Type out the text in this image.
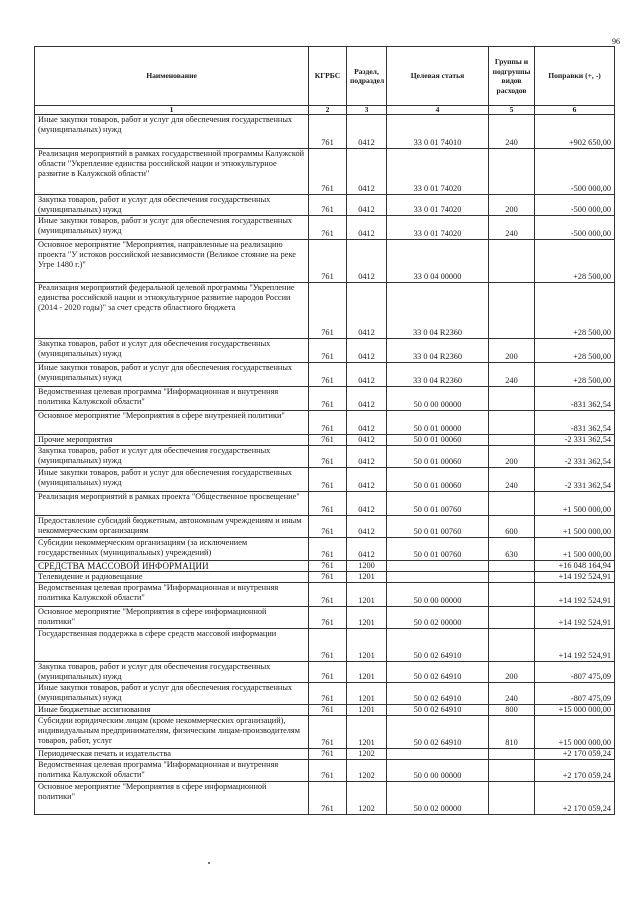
96
Наименование	КГРБС	Раздел, подраздел	Целевая статья	Группы и подгруппы видов расходов	Поправки (+, -)
1	2	3	4	5	6
Иные закупки товаров, работ и услуг для обеспечения государственных (муниципальных) нужд	761	0412	33 0 01 74010	240	+902 650,00
Реализация мероприятий в рамках государственной программы Калужской области "Укрепление единства российской нации и этнокультурное развитие в Калужской области"	761	0412	33 0 01 74020		-500 000,00
Закупка товаров, работ и услуг для обеспечения государственных (муниципальных) нужд	761	0412	33 0 01 74020	200	-500 000,00
Иные закупки товаров, работ и услуг для обеспечения государственных (муниципальных) нужд	761	0412	33 0 01 74020	240	-500 000,00
Основное мероприятие "Мероприятия, направленные на реализацию проекта "У истоков российской независимости (Великое стояние на реке Угре 1480 г.)"	761	0412	33 0 04 00000		+28 500,00
Реализация мероприятий федеральной целевой программы "Укрепление единства российской нации и этнокультурное развитие народов России (2014 - 2020 годы)" за счет средств областного бюджета	761	0412	33 0 04 R2360		+28 500,00
Закупка товаров, работ и услуг для обеспечения государственных (муниципальных) нужд	761	0412	33 0 04 R2360	200	+28 500,00
Иные закупки товаров, работ и услуг для обеспечения государственных (муниципальных) нужд	761	0412	33 0 04 R2360	240	+28 500,00
Ведомственная целевая программа "Информационная и внутренняя политика Калужской области"	761	0412	50 0 00 00000		-831 362,54
Основное мероприятие "Мероприятия в сфере внутренней политики"	761	0412	50 0 01 00000		-831 362,54
Прочие мероприятия	761	0412	50 0 01 00060		-2 331 362,54
Закупка товаров, работ и услуг для обеспечения государственных (муниципальных) нужд	761	0412	50 0 01 00060	200	-2 331 362,54
Иные закупки товаров, работ и услуг для обеспечения государственных (муниципальных) нужд	761	0412	50 0 01 00060	240	-2 331 362,54
Реализация мероприятий в рамках проекта "Общественное просвещение"	761	0412	50 0 01 00760		+1 500 000,00
Предоставление субсидий бюджетным, автономным учреждениям и иным некоммерческим организациям	761	0412	50 0 01 00760	600	+1 500 000,00
Субсидии некоммерческим организациям (за исключением государственных (муниципальных) учреждений)	761	0412	50 0 01 00760	630	+1 500 000,00
СРЕДСТВА МАССОВОЙ ИНФОРМАЦИИ	761	1200			+16 048 164,94
Телевидение и радиовещание	761	1201			+14 192 524,91
Ведомственная целевая программа "Информационная и внутренняя политика Калужской области"	761	1201	50 0 00 00000		+14 192 524,91
Основное мероприятие "Мероприятия в сфере информационной политики"	761	1201	50 0 02 00000		+14 192 524,91
Государственная поддержка в сфере средств массовой информации	761	1201	50 0 02 64910		+14 192 524,91
Закупка товаров, работ и услуг для обеспечения государственных (муниципальных) нужд	761	1201	50 0 02 64910	200	-807 475,09
Иные закупки товаров, работ и услуг для обеспечения государственных (муниципальных) нужд	761	1201	50 0 02 64910	240	-807 475,09
Иные бюджетные ассигнования	761	1201	50 0 02 64910	800	+15 000 000,00
Субсидии юридическим лицам (кроме некоммерческих организаций), индивидуальным предпринимателям, физическим лицам-производителям товаров, работ, услуг	761	1201	50 0 02 64910	810	+15 000 000,00
Периодическая печать и издательства	761	1202			+2 170 059,24
Ведомственная целевая программа "Информационная и внутренняя политика Калужской области"	761	1202	50 0 00 00000		+2 170 059,24
Основное мероприятие "Мероприятия в сфере информационной политики"	761	1202	50 0 02 00000		+2 170 059,24
